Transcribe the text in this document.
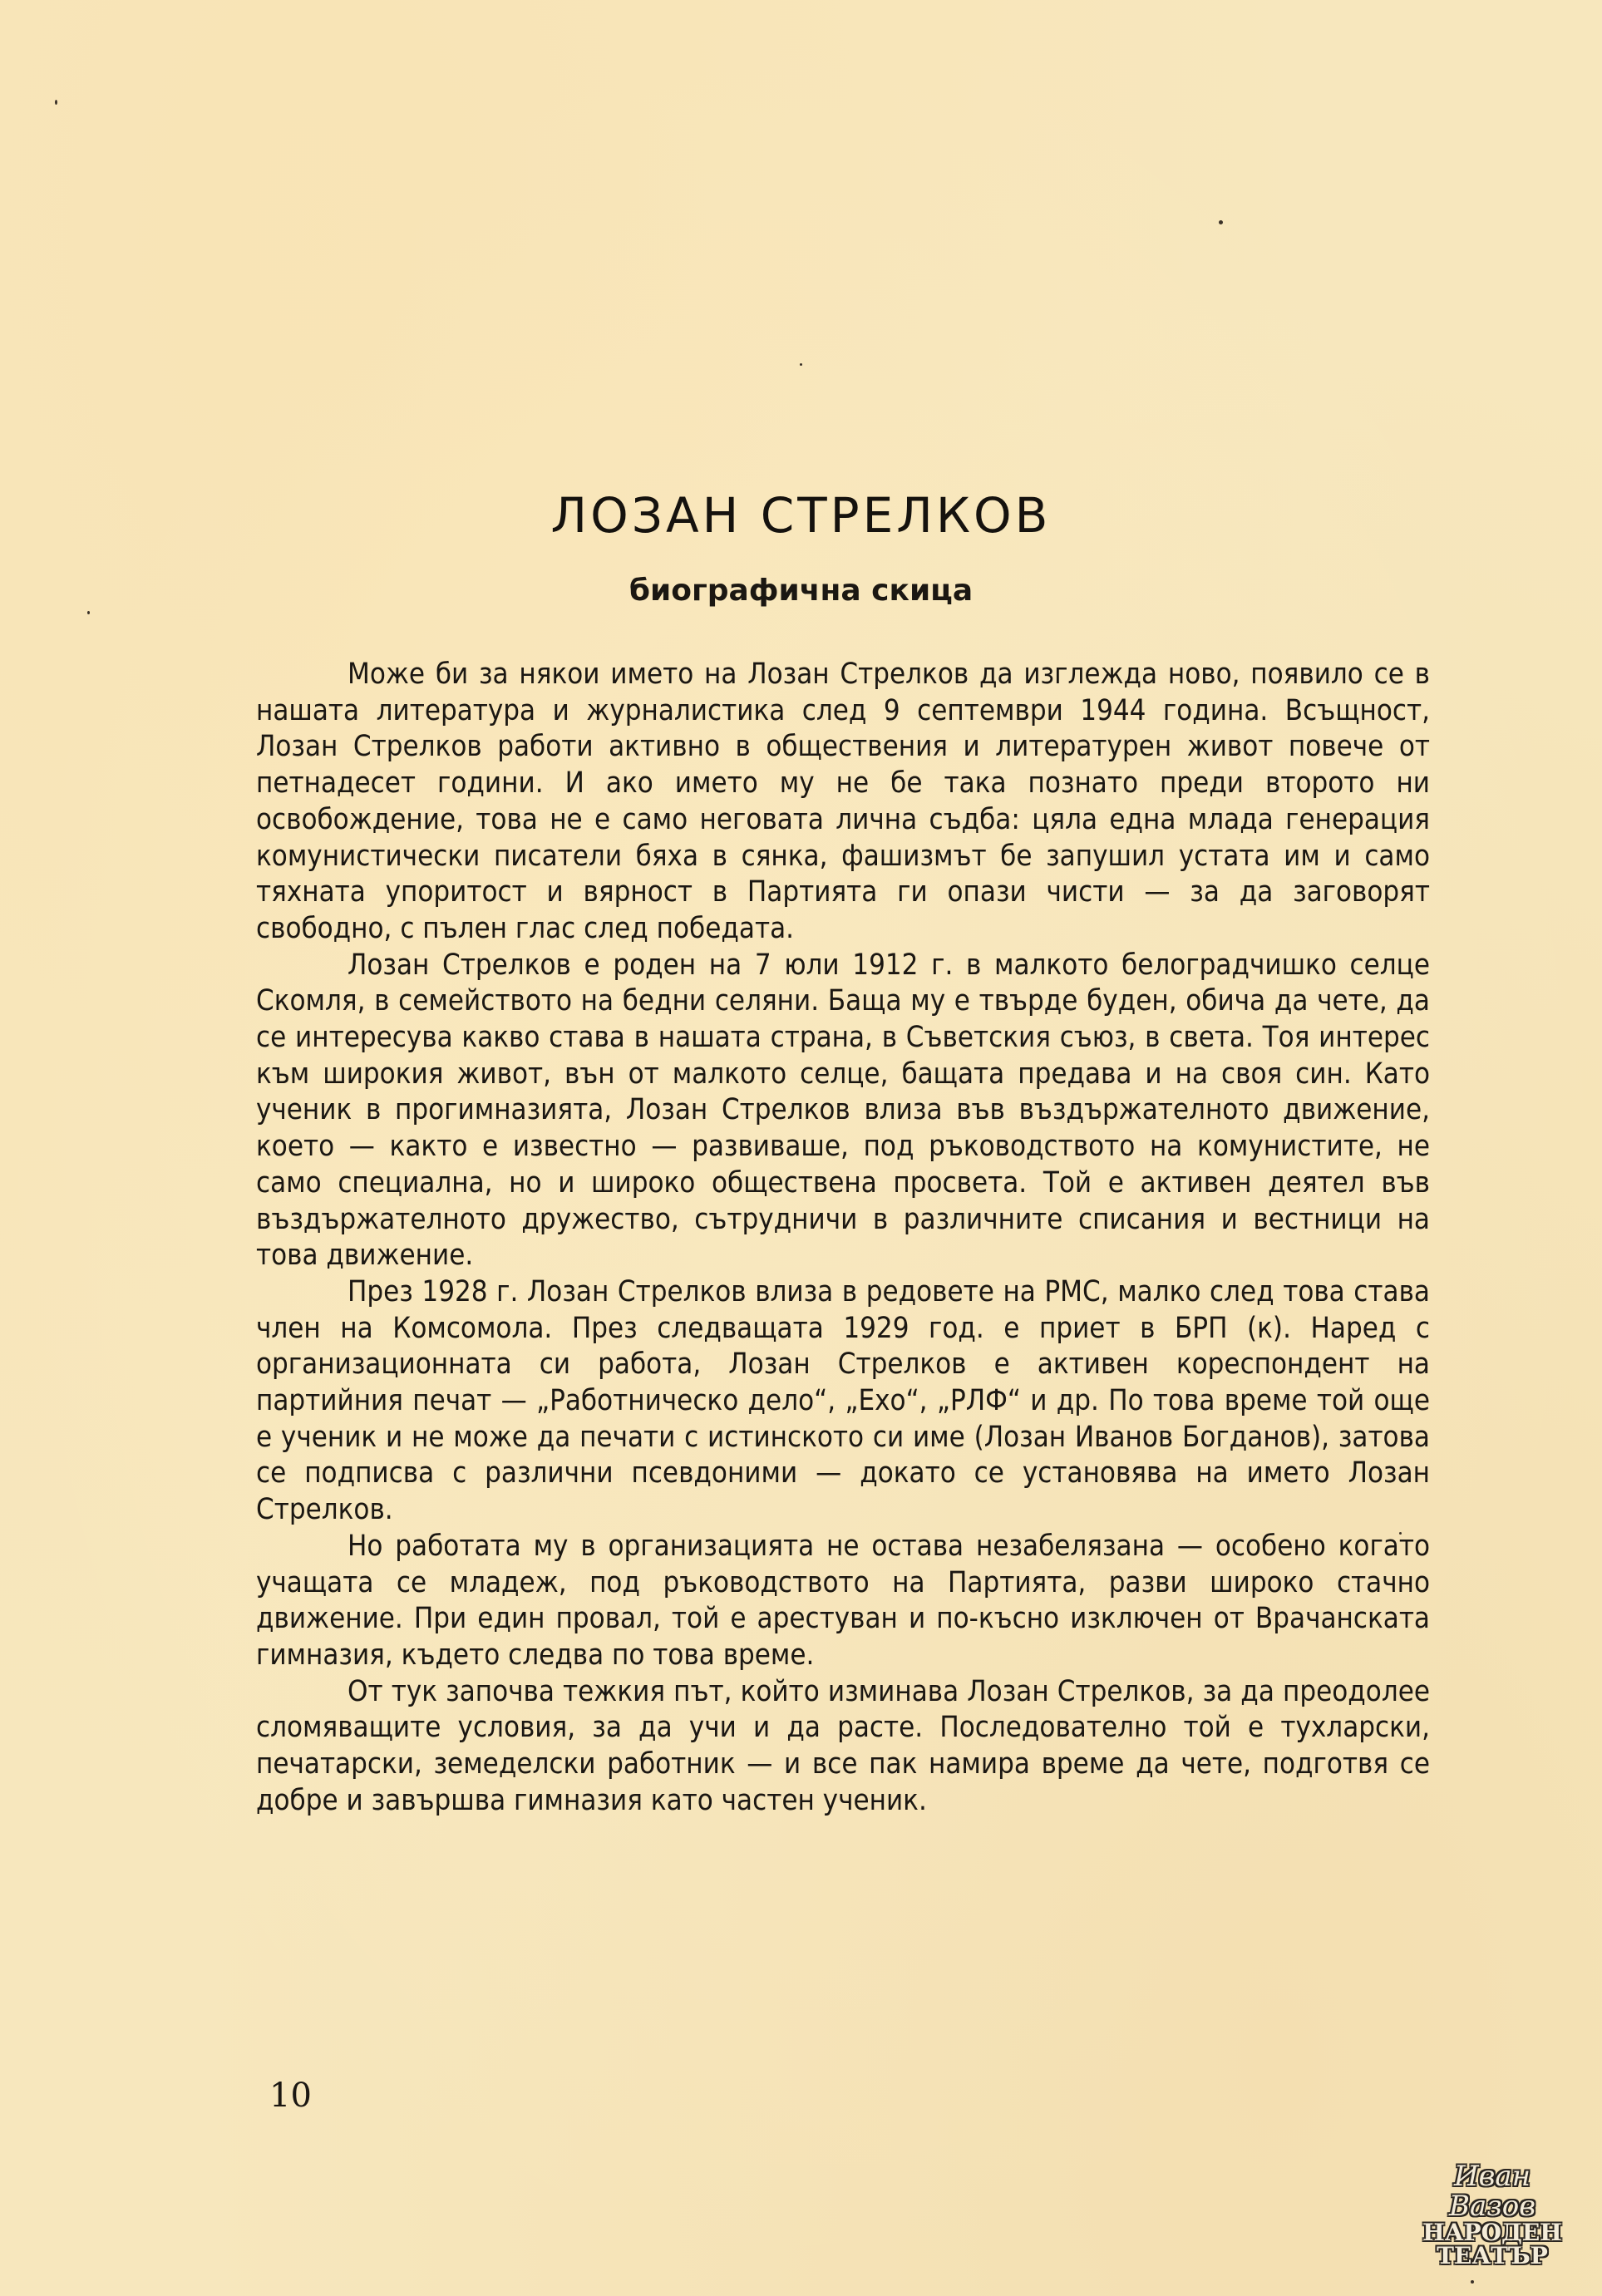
ЛОЗАН СТРЕЛКОВ
биографична скица

Може би за някои името на Лозан Стрелков да изглежда ново, появило се в нашата литература и журналистика след 9 септември 1944 година. Всъщност, Лозан Стрелков работи активно в обществения и литературен живот повече от петнадесет години. И ако името му не бе така познато преди второто ни освобождение, това не е само неговата лична съдба: цяла една млада генерация комунистически писатели бяха в сянка, фашизмът бе запушил устата им и само тяхната упоритост и вярност в Партията ги опази чисти — за да заговорят свободно, с пълен глас след победата.

Лозан Стрелков е роден на 7 юли 1912 г. в малкото белоградчишко селце Скомля, в семейството на бедни селяни. Баща му е твърде буден, обича да чете, да се интересува какво става в нашата страна, в Съветския съюз, в света. Тоя интерес към широкия живот, вън от малкото селце, бащата предава и на своя син. Като ученик в прогимназията, Лозан Стрелков влиза във въздържателното движение, което — както е известно — развиваше, под ръководството на комунистите, не само специална, но и широко обществена просвета. Той е активен деятел във въздържателното дружество, сътрудничи в различните списания и вестници на това движение.

През 1928 г. Лозан Стрелков влиза в редовете на РМС, малко след това става член на Комсомола. През следващата 1929 год. е приет в БРП (к). Наред с организационната си работа, Лозан Стрелков е активен кореспондент на партийния печат — „Работническо дело“, „Ехо“, „РЛФ“ и др. По това време той още е ученик и не може да печати с истинското си име (Лозан Иванов Богданов), затова се подписва с различни псевдоними — докато се установява на името Лозан Стрелков.

Но работата му в организацията не остава незабелязана — особено когато учащата се младеж, под ръководството на Партията, разви широко стачно движение. При един провал, той е арестуван и по-късно изключен от Врачанската гимназия, където следва по това време.

От тук започва тежкия път, който изминава Лозан Стрелков, за да преодолее сломяващите условия, за да учи и да расте. Последователно той е тухларски, печатарски, земеделски работник — и все пак намира време да чете, подготвя се добре и завършва гимназия като частен ученик.

10
Иван Вазов
НАРОДЕН
ТЕАТЪР
